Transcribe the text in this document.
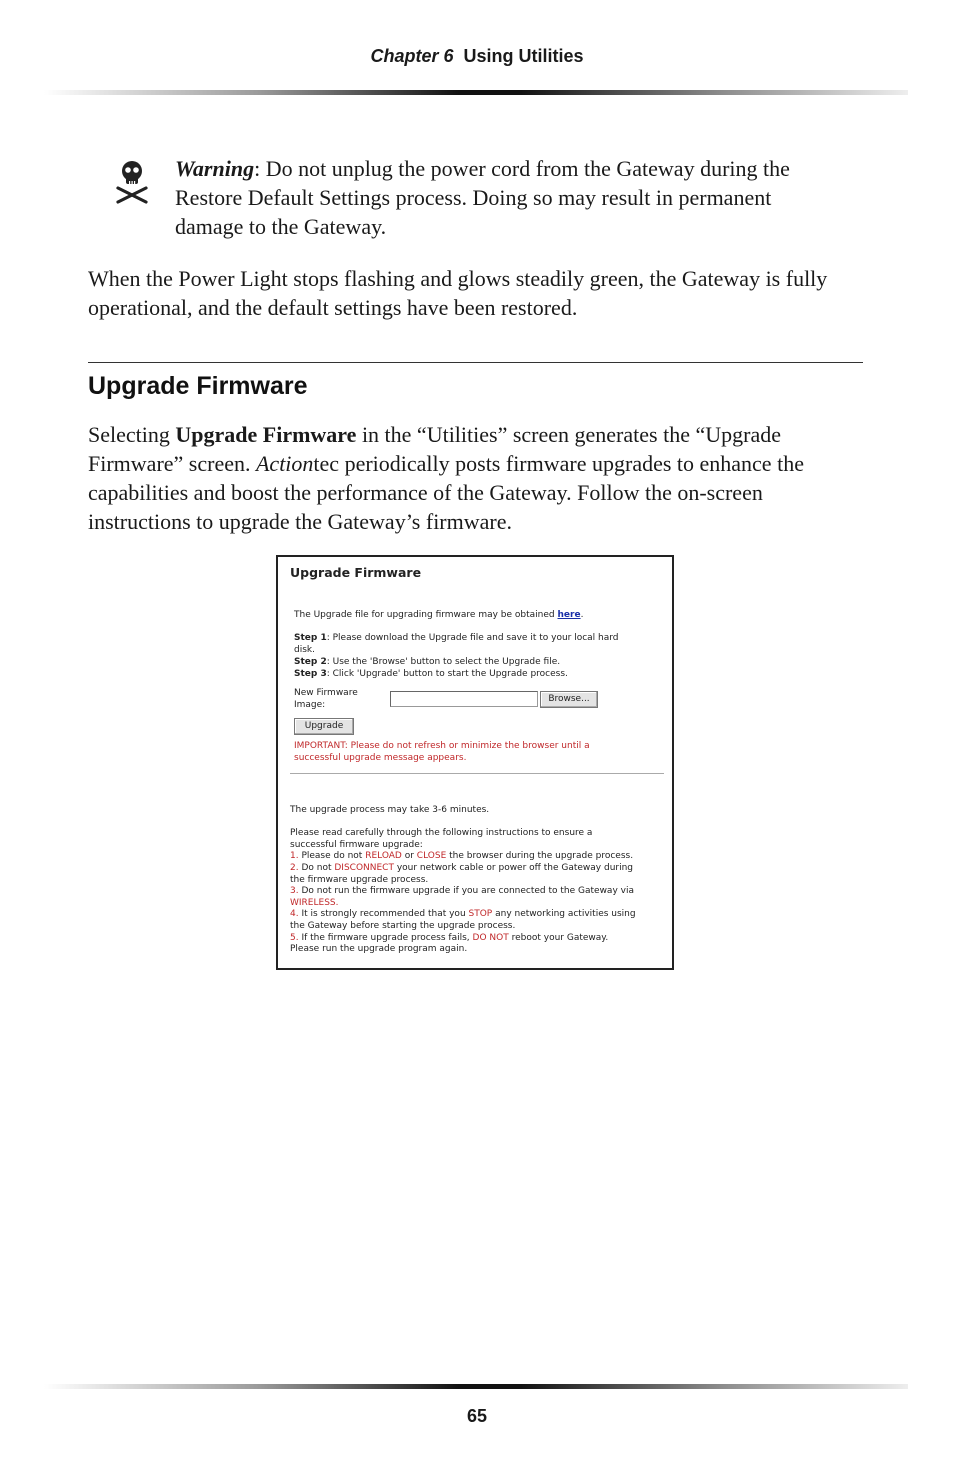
Chapter 6 Using Utilities
Warning: Do not unplug the power cord from the Gateway during the Restore Default Settings process. Doing so may result in permanent damage to the Gateway.
When the Power Light stops flashing and glows steadily green, the Gateway is fully operational, and the default settings have been restored.
Upgrade Firmware
Selecting Upgrade Firmware in the “Utilities” screen generates the “Upgrade Firmware” screen. Actiontec periodically posts firmware upgrades to enhance the capabilities and boost the performance of the Gateway. Follow the on-screen instructions to upgrade the Gateway’s firmware.
Upgrade Firmware
The Upgrade file for upgrading firmware may be obtained here.
Step 1: Please download the Upgrade file and save it to your local hard
disk.
Step 2: Use the 'Browse' button to select the Upgrade file.
Step 3: Click 'Upgrade' button to start the Upgrade process.
New Firmware
Image:
Browse...
Upgrade
IMPORTANT: Please do not refresh or minimize the browser until a
successful upgrade message appears.
The upgrade process may take 3-6 minutes.
Please read carefully through the following instructions to ensure a
successful firmware upgrade:
1. Please do not RELOAD or CLOSE the browser during the upgrade process.
2. Do not DISCONNECT your network cable or power off the Gateway during
the firmware upgrade process.
3. Do not run the firmware upgrade if you are connected to the Gateway via
WIRELESS.
4. It is strongly recommended that you STOP any networking activities using
the Gateway before starting the upgrade process.
5. If the firmware upgrade process fails, DO NOT reboot your Gateway.
Please run the upgrade program again.
65
